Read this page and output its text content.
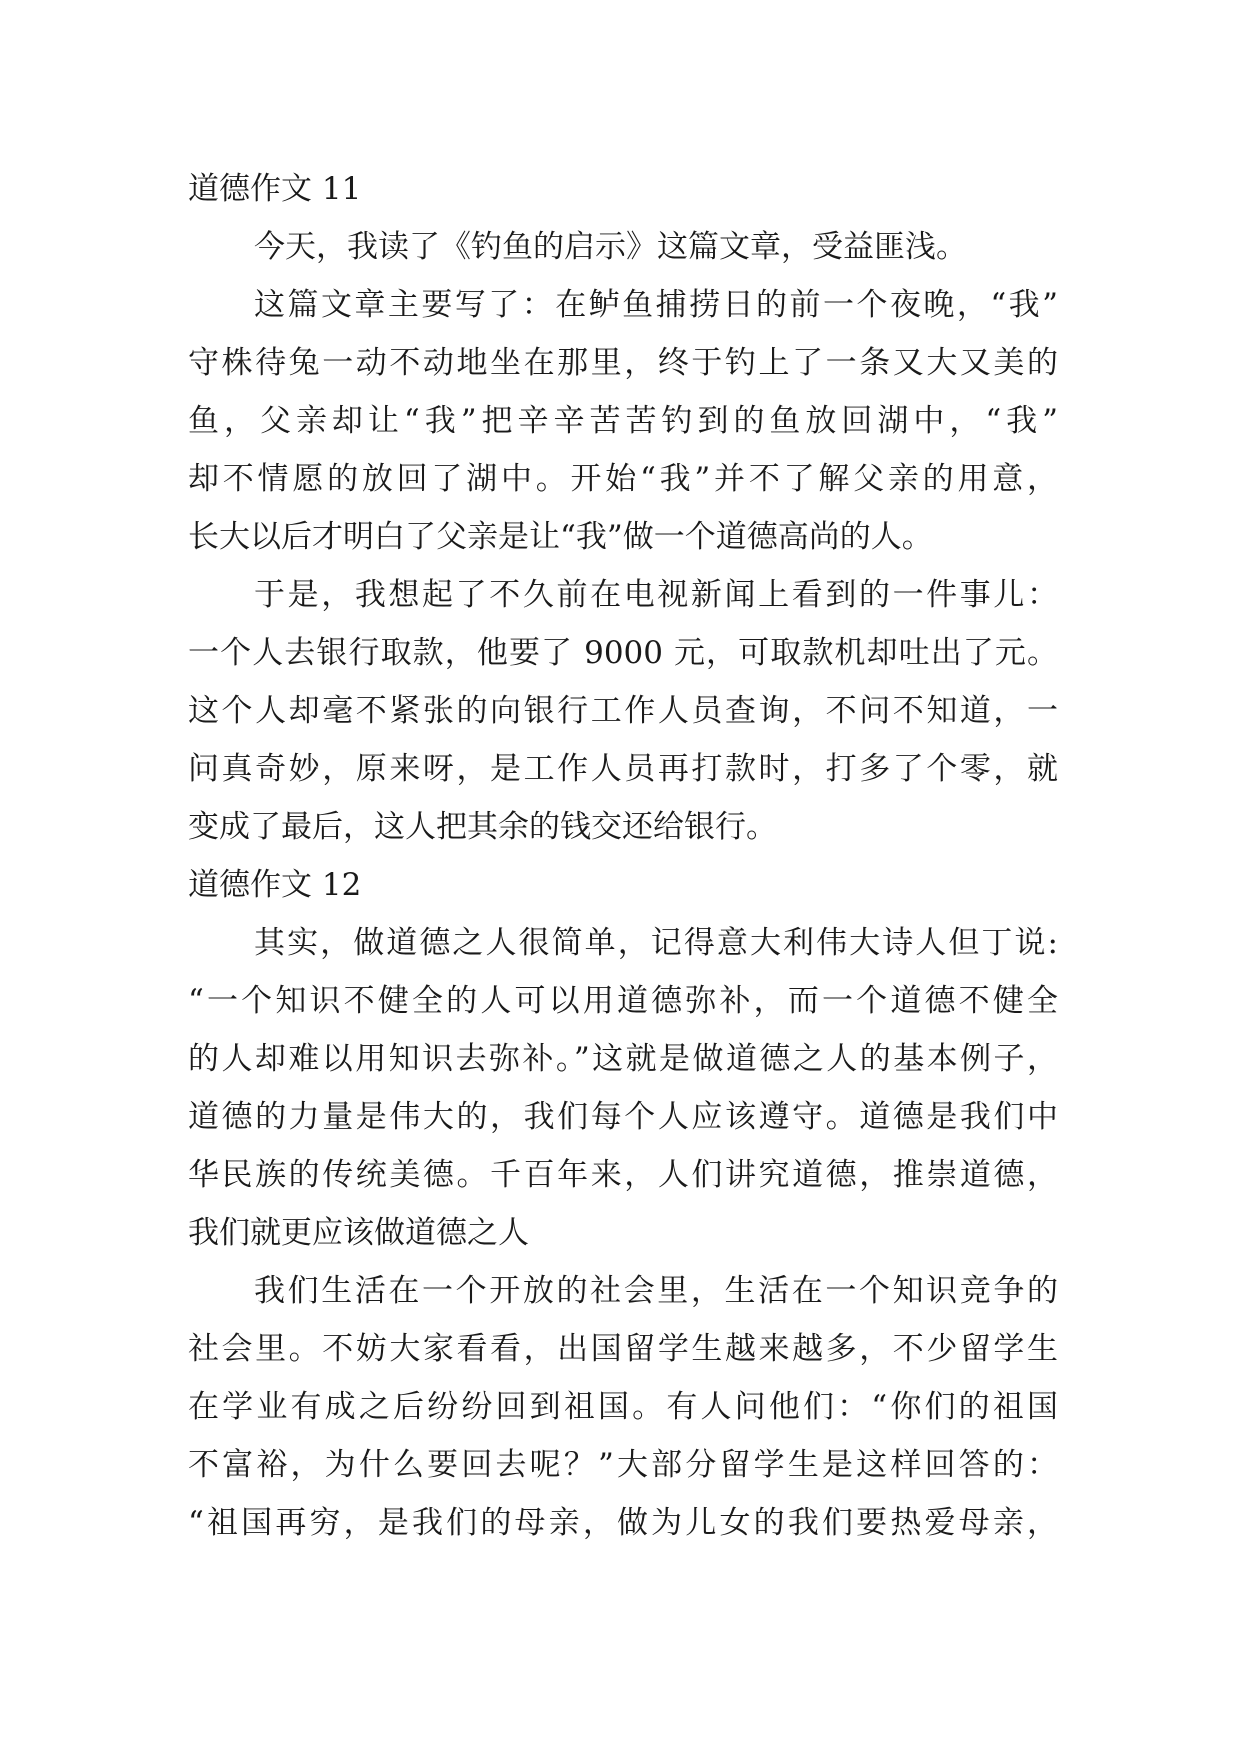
道德作文 11
今天，我读了《钓鱼的启示》这篇文章，受益匪浅。
这篇文章主要写了：在鲈鱼捕捞日的前一个夜晚，“我”
守株待兔一动不动地坐在那里，终于钓上了一条又大又美的
鱼，父亲却让“我”把辛辛苦苦钓到的鱼放回湖中，“我”
却不情愿的放回了湖中。开始“我”并不了解父亲的用意，
长大以后才明白了父亲是让“我”做一个道德高尚的人。
于是，我想起了不久前在电视新闻上看到的一件事儿：
一个人去银行取款，他要了 9000 元，可取款机却吐出了元。
这个人却毫不紧张的向银行工作人员查询，不问不知道，一
问真奇妙，原来呀，是工作人员再打款时，打多了个零，就
变成了最后，这人把其余的钱交还给银行。
道德作文 12
其实，做道德之人很简单，记得意大利伟大诗人但丁说:
“一个知识不健全的人可以用道德弥补，而一个道德不健全
的人却难以用知识去弥补。”这就是做道德之人的基本例子，
道德的力量是伟大的，我们每个人应该遵守。道德是我们中
华民族的传统美德。千百年来，人们讲究道德，推崇道德，
我们就更应该做道德之人
我们生活在一个开放的社会里，生活在一个知识竞争的
社会里。不妨大家看看，出国留学生越来越多，不少留学生
在学业有成之后纷纷回到祖国。有人问他们：“你们的祖国
不富裕，为什么要回去呢？”大部分留学生是这样回答的：
“祖国再穷，是我们的母亲，做为儿女的我们要热爱母亲，
